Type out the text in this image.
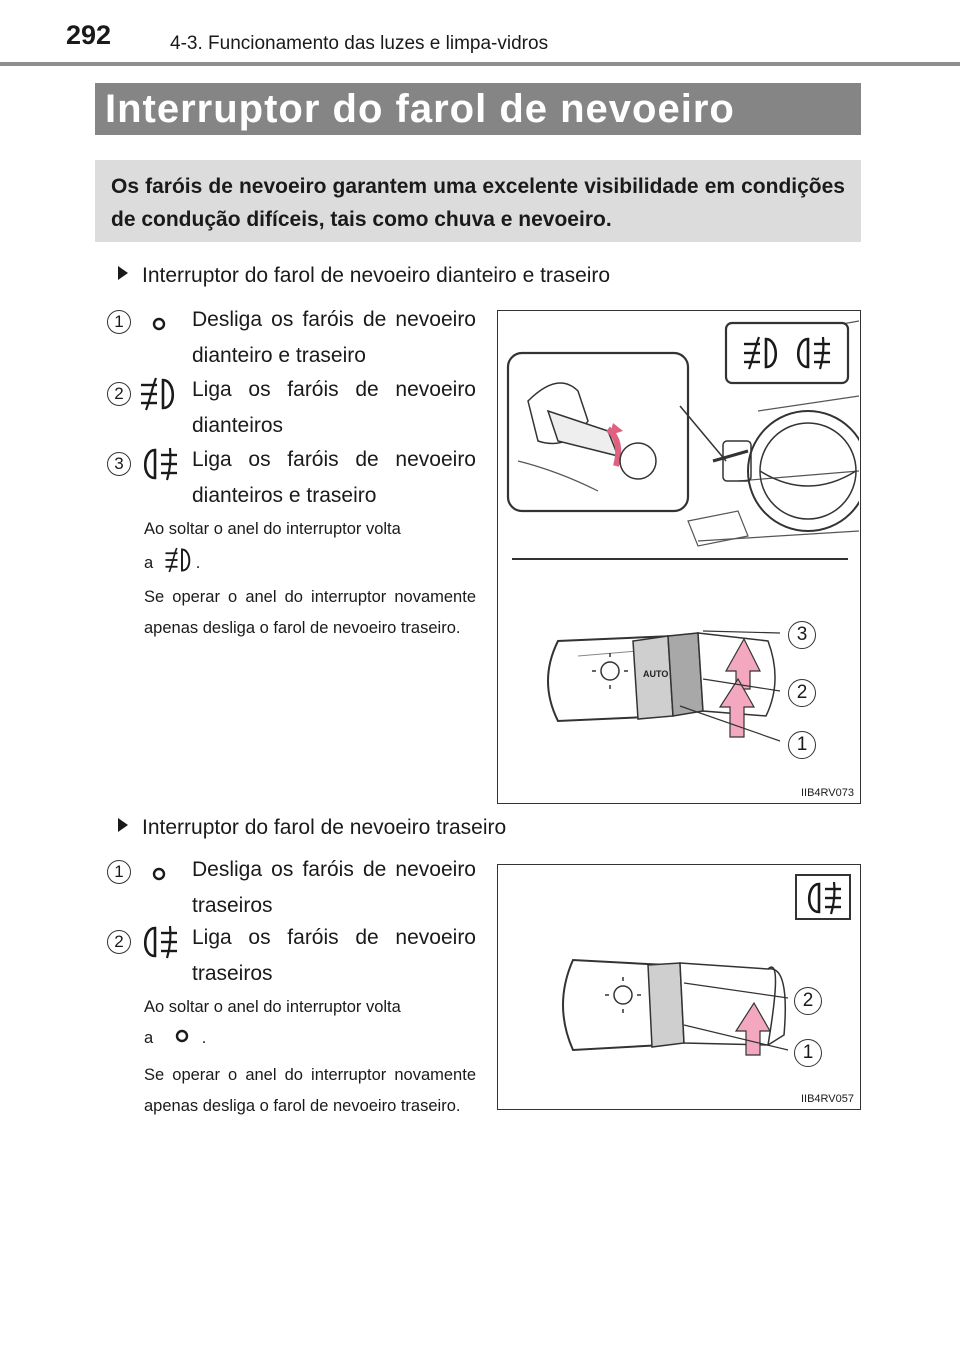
292	4-3. Funcionamento das luzes e limpa-vidros
Interruptor do farol de nevoeiro
Os faróis de nevoeiro garantem uma excelente visibilidade em condições de condução difíceis, tais como chuva e nevoeiro.
Interruptor do farol de nevoeiro dianteiro e traseiro
1	Desliga os faróis de nevoeiro dianteiro e traseiro
2	Liga os faróis de nevoeiro dianteiros
3	Liga os faróis de nevoeiro dianteiros e traseiro
Ao soltar o anel do interruptor volta
a	.
Se operar o anel do interruptor novamente apenas desliga o farol de nevoeiro traseiro.
AUTO
3
2
1
IIB4RV073
Interruptor do farol de nevoeiro traseiro
1	Desliga os faróis de nevoeiro traseiros
2	Liga os faróis de nevoeiro traseiros
Ao soltar o anel do interruptor volta
a	.
Se operar o anel do interruptor novamente apenas desliga o farol de nevoeiro traseiro.
2
1
IIB4RV057
